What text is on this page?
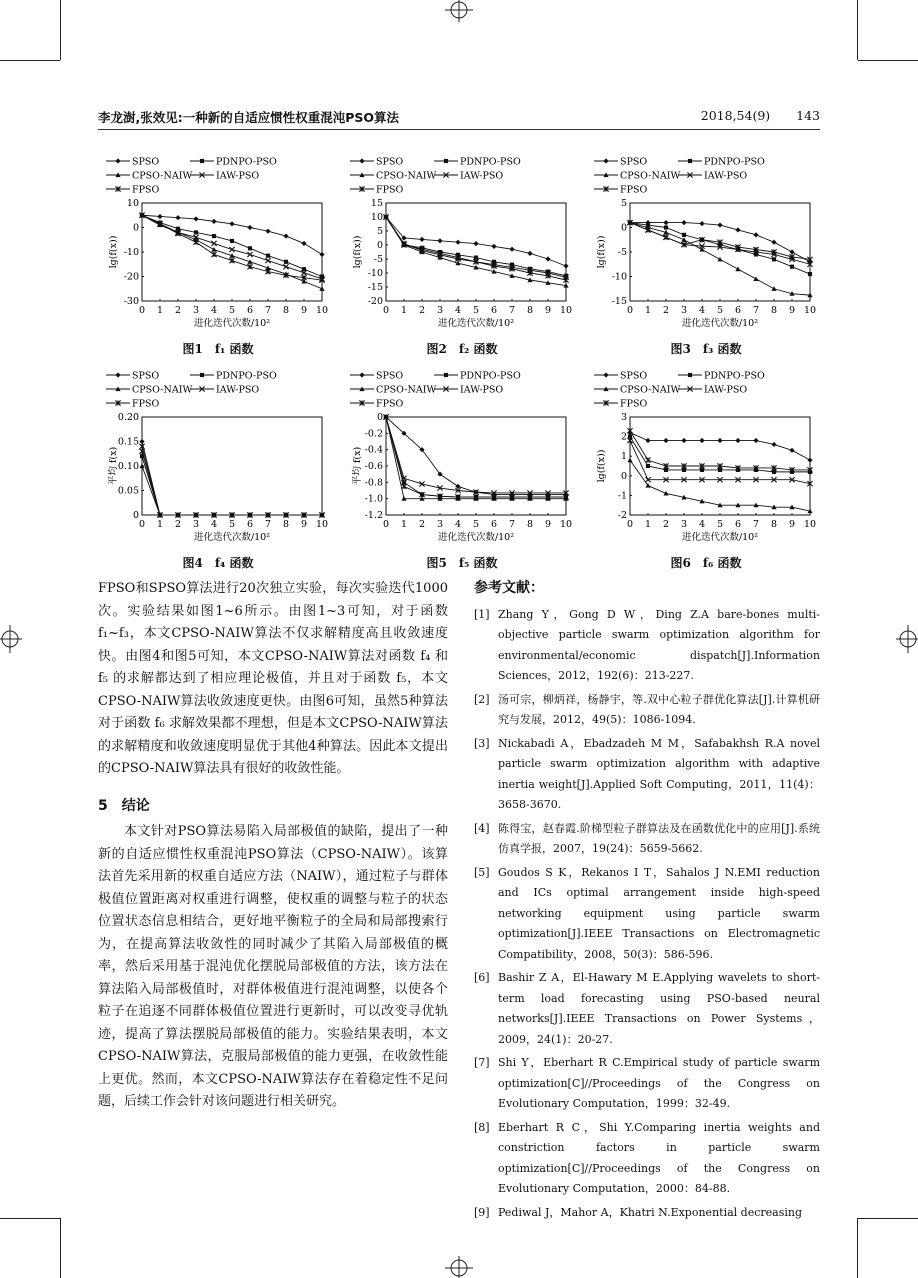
李龙澍,张效见:一种新的自适应惯性权重混沌PSO算法	2018,54(9) 143
SPSO	PDNPO-PSO
CPSO-NAIW	IAW-PSO
FPSO
0 1 2 3 4 5 6 7 8 9 10
10
0
-10
-20
-30
lg(f(x))
进化迭代次数/10²
图1　f₁ 函数
SPSO	PDNPO-PSO
CPSO-NAIW	IAW-PSO
FPSO
0 1 2 3 4 5 6 7 8 9 10
15
10
5
0
-5
-10
-15
-20
lg(f(x))
进化迭代次数/10²
图2　f₂ 函数
SPSO	PDNPO-PSO
CPSO-NAIW	IAW-PSO
FPSO
0 1 2 3 4 5 6 7 8 9 10
5
0
-5
-10
-15
lg(f(x))
进化迭代次数/10²
图3　f₃ 函数
SPSO	PDNPO-PSO
CPSO-NAIW	IAW-PSO
FPSO
0 1 2 3 4 5 6 7 8 9 10
0.20
0.15
0.10
0.05
0
平均 f(x)
进化迭代次数/10²
图4　f₄ 函数
SPSO	PDNPO-PSO
CPSO-NAIW	IAW-PSO
FPSO
0 1 2 3 4 5 6 7 8 9 10
0
-0.2
-0.4
-0.6
-0.8
-1.0
-1.2
平均 f(x)
进化迭代次数/10²
图5　f₅ 函数
SPSO	PDNPO-PSO
CPSO-NAIW	IAW-PSO
FPSO
0 1 2 3 4 5 6 7 8 9 10
3
2
1
0
-1
-2
lg(f(x))
进化迭代次数/10²
图6　f₆ 函数

FPSO和SPSO算法进行20次独立实验，每次实验迭代1000次。实验结果如图1~6所示。由图1~3可知，对于函数 f₁~f₃，本文CPSO-NAIW算法不仅求解精度高且收敛速度快。由图4和图5可知，本文CPSO-NAIW算法对函数 f₄ 和 f₅ 的求解都达到了相应理论极值，并且对于函数 f₅，本文CPSO-NAIW算法收敛速度更快。由图6可知，虽然5种算法对于函数 f₆ 求解效果都不理想，但是本文CPSO-NAIW算法的求解精度和收敛速度明显优于其他4种算法。因此本文提出的CPSO-NAIW算法具有很好的收敛性能。

5　结论

本文针对PSO算法易陷入局部极值的缺陷，提出了一种新的自适应惯性权重混沌PSO算法（CPSO-NAIW）。该算法首先采用新的权重自适应方法（NAIW），通过粒子与群体极值位置距离对权重进行调整，使权重的调整与粒子的状态位置状态信息相结合，更好地平衡粒子的全局和局部搜索行为，在提高算法收敛性的同时减少了其陷入局部极值的概率，然后采用基于混沌优化摆脱局部极值的方法，该方法在算法陷入局部极值时，对群体极值进行混沌调整，以使各个粒子在追逐不同群体极值位置进行更新时，可以改变寻优轨迹，提高了算法摆脱局部极值的能力。实验结果表明，本文CPSO-NAIW算法，克服局部极值的能力更强，在收敛性能上更优。然而，本文CPSO-NAIW算法存在着稳定性不足问题，后续工作会针对该问题进行相关研究。

参考文献：
[1] Zhang Y，Gong D W，Ding Z.A bare-bones multi-objective particle swarm optimization algorithm for environmental/economic dispatch[J].Information Sciences，2012，192(6)：213-227.
[2] 汤可宗，柳炳祥，杨静宇，等.双中心粒子群优化算法[J].计算机研究与发展，2012，49(5)：1086-1094.
[3] Nickabadi A，Ebadzadeh M M，Safabakhsh R.A novel particle swarm optimization algorithm with adaptive inertia weight[J].Applied Soft Computing，2011，11(4)：3658-3670.
[4] 陈得宝，赵春霞.阶梯型粒子群算法及在函数优化中的应用[J].系统仿真学报，2007，19(24)：5659-5662.
[5] Goudos S K，Rekanos I T，Sahalos J N.EMI reduction and ICs optimal arrangement inside high-speed networking equipment using particle swarm optimization[J].IEEE Transactions on Electromagnetic Compatibility，2008，50(3)：586-596.
[6] Bashir Z A，El-Hawary M E.Applying wavelets to short-term load forecasting using PSO-based neural networks[J].IEEE Transactions on Power Systems，2009，24(1)：20-27.
[7] Shi Y，Eberhart R C.Empirical study of particle swarm optimization[C]//Proceedings of the Congress on Evolutionary Computation，1999：32-49.
[8] Eberhart R C，Shi Y.Comparing inertia weights and constriction factors in particle swarm optimization[C]//Proceedings of the Congress on Evolutionary Computation，2000：84-88.
[9] Pediwal J，Mahor A，Khatri N.Exponential decreasing
